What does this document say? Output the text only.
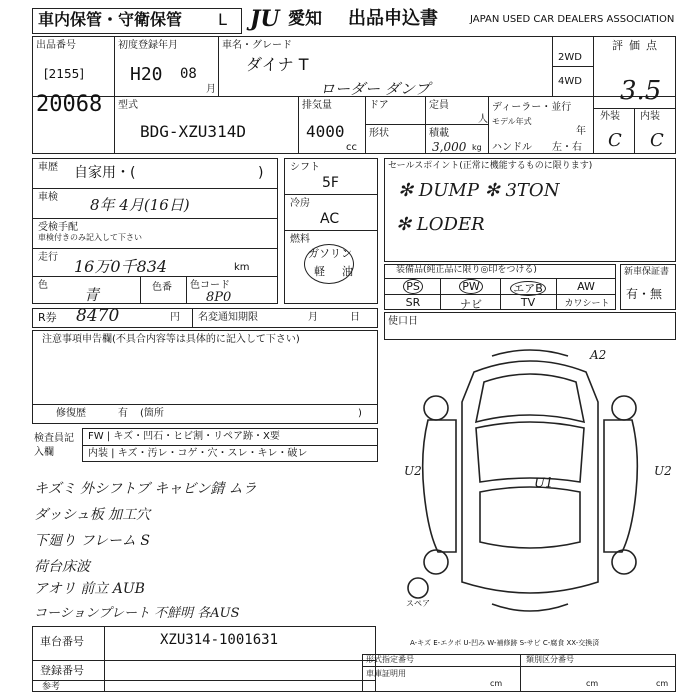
車内保管・守衛保管 L JU 愛知 出品申込書	JAPAN USED CAR DEALERS ASSOCIATION
出品番号
[2155]
20068
初度登録年月
H20 08
月
車名・グレード
ダイナ T
ローダー ダンプ
2WD
4WD
評価点
3.5
外装 内装
C C
型式
BDG-XZU314D
排気量
4000
cc
ドア
形状
定員
人
積載
3,000 kg
ディーラー・並行
モデル年式
年
ハンドル 左・右
車歴 自家用・(	)
車検 8年 4月(16日)
受検手配
車検付きのみ記入して下さい
走行 16万0千834	km
色
青	色番 色コード
8P0
シフト
5F
冷房
AC
燃料
ガソリン
軽 油
セールスポイント(正常に機能するものに限ります)
✻ DUMP ✻ 3TON
✻ LODER
装備品(純正品に限り◎印をつける)
PS	PW	エアB	AW
SR	ナビ	TV	カワシート
新車保証書
有・無
R券 8470	円 名変通知期限	月	日	使口日
注意事項申告欄(不具合内容等は具体的に記入して下さい)
修復歴	有 (箇所	)
検査員記入欄
FW | キズ・凹石・ヒビ割・リペア跡・X要
内装 | キズ・汚レ・コゲ・穴・スレ・キレ・破レ
キズミ 外シフトブ キャビン錆 ムラ
ダッシュ板 加工穴
下廻り フレーム S
荷台床波
アオリ 前立 AUB
コーションプレート 不鮮明 各AUS
A2
U2	U2
U1
スペア
A-キズ E-エクボ U-凹み W-補修跡 S-サビ C-腐食 XX-交換済
車台番号	XZU314-1001631
登録番号
参考
形式指定番号	類別区分番号
車庫証明用
cm	cm	cm
